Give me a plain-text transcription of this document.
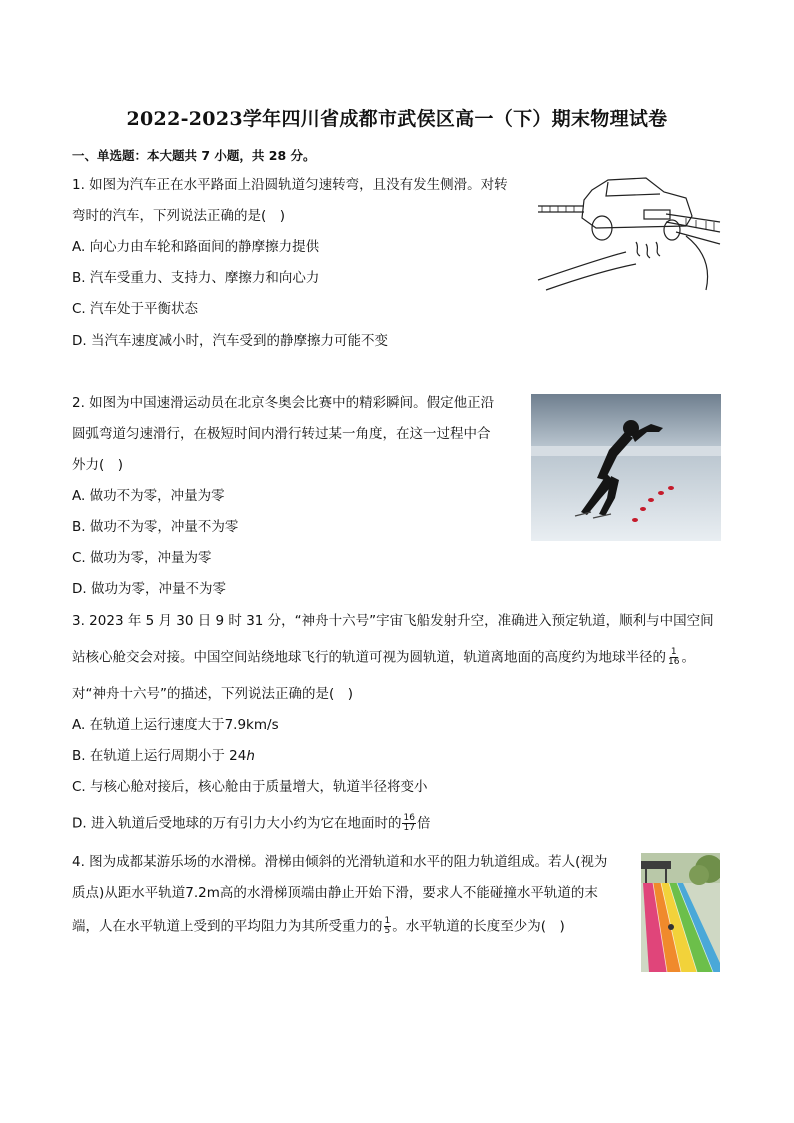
2022-2023学年四川省成都市武侯区高一（下）期末物理试卷
一、单选题：本大题共 7 小题，共 28 分。
1. 如图为汽车正在水平路面上沿圆轨道匀速转弯，且没有发生侧滑。对转
弯时的汽车，下列说法正确的是(　)
A. 向心力由车轮和路面间的静摩擦力提供
B. 汽车受重力、支持力、摩擦力和向心力
C. 汽车处于平衡状态
D. 当汽车速度减小时，汽车受到的静摩擦力可能不变
2. 如图为中国速滑运动员在北京冬奥会比赛中的精彩瞬间。假定他正沿
圆弧弯道匀速滑行，在极短时间内滑行转过某一角度，在这一过程中合
外力(　)
A. 做功不为零，冲量为零
B. 做功不为零，冲量不为零
C. 做功为零，冲量为零
D. 做功为零，冲量不为零
3. 2023 年 5 月 30 日 9 时 31 分，“神舟十六号”宇宙飞船发射升空，准确进入预定轨道，顺利与中国空间
站核心舱交会对接。中国空间站绕地球飞行的轨道可视为圆轨道，轨道离地面的高度约为地球半径的 $\frac{1}{16}$ 。
对“神舟十六号”的描述，下列说法正确的是(　)
A. 在轨道上运行速度大于7.9km/s
B. 在轨道上运行周期小于 24h
C. 与核心舱对接后，核心舱由于质量增大，轨道半径将变小
D. 进入轨道后受地球的万有引力大小约为它在地面时的 $\frac{16}{17}$ 倍
4. 图为成都某游乐场的水滑梯。滑梯由倾斜的光滑轨道和水平的阻力轨道组成。若人(视为
质点)从距水平轨道7.2m高的水滑梯顶端由静止开始下滑，要求人不能碰撞水平轨道的末
端，人在水平轨道上受到的平均阻力为其所受重力的 $\frac{1}{5}$ 。水平轨道的长度至少为(　)
